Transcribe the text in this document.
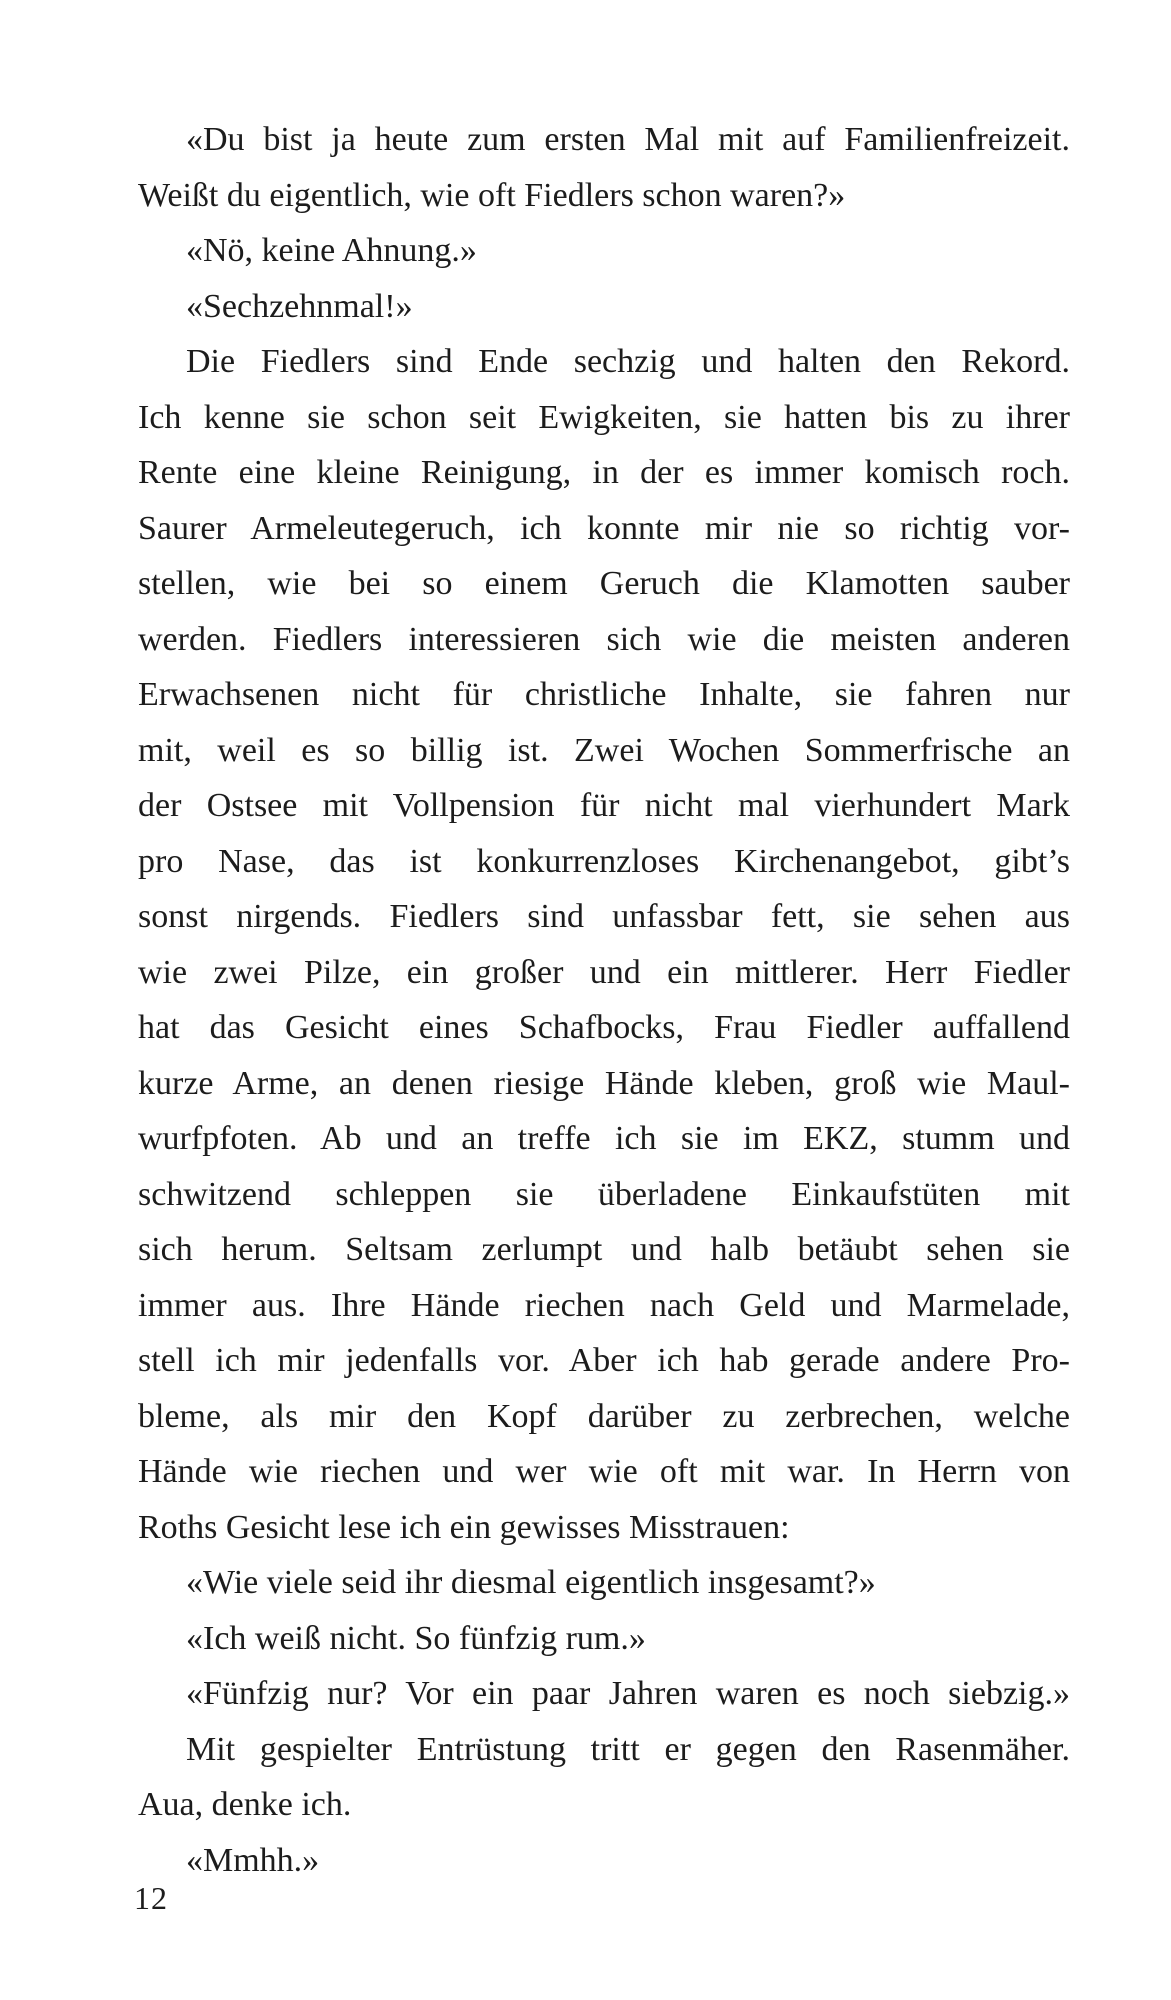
«Du bist ja heute zum ersten Mal mit auf Familienfreizeit.
Weißt du eigentlich, wie oft Fiedlers schon waren?»
«Nö, keine Ahnung.»
«Sechzehnmal!»
Die Fiedlers sind Ende sechzig und halten den Rekord.
Ich kenne sie schon seit Ewigkeiten, sie hatten bis zu ihrer
Rente eine kleine Reinigung, in der es immer komisch roch.
Saurer Armeleutegeruch, ich konnte mir nie so richtig vor-
stellen, wie bei so einem Geruch die Klamotten sauber
werden. Fiedlers interessieren sich wie die meisten anderen
Erwachsenen nicht für christliche Inhalte, sie fahren nur
mit, weil es so billig ist. Zwei Wochen Sommerfrische an
der Ostsee mit Vollpension für nicht mal vierhundert Mark
pro Nase, das ist konkurrenzloses Kirchenangebot, gibt’s
sonst nirgends. Fiedlers sind unfassbar fett, sie sehen aus
wie zwei Pilze, ein großer und ein mittlerer. Herr Fiedler
hat das Gesicht eines Schafbocks, Frau Fiedler auffallend
kurze Arme, an denen riesige Hände kleben, groß wie Maul-
wurfpfoten. Ab und an treffe ich sie im EKZ, stumm und
schwitzend schleppen sie überladene Einkaufstüten mit
sich herum. Seltsam zerlumpt und halb betäubt sehen sie
immer aus. Ihre Hände riechen nach Geld und Marmelade,
stell ich mir jedenfalls vor. Aber ich hab gerade andere Pro-
bleme, als mir den Kopf darüber zu zerbrechen, welche
Hände wie riechen und wer wie oft mit war. In Herrn von
Roths Gesicht lese ich ein gewisses Misstrauen:
«Wie viele seid ihr diesmal eigentlich insgesamt?»
«Ich weiß nicht. So fünfzig rum.»
«Fünfzig nur? Vor ein paar Jahren waren es noch siebzig.»
Mit gespielter Entrüstung tritt er gegen den Rasenmäher.
Aua, denke ich.
«Mmhh.»
12
